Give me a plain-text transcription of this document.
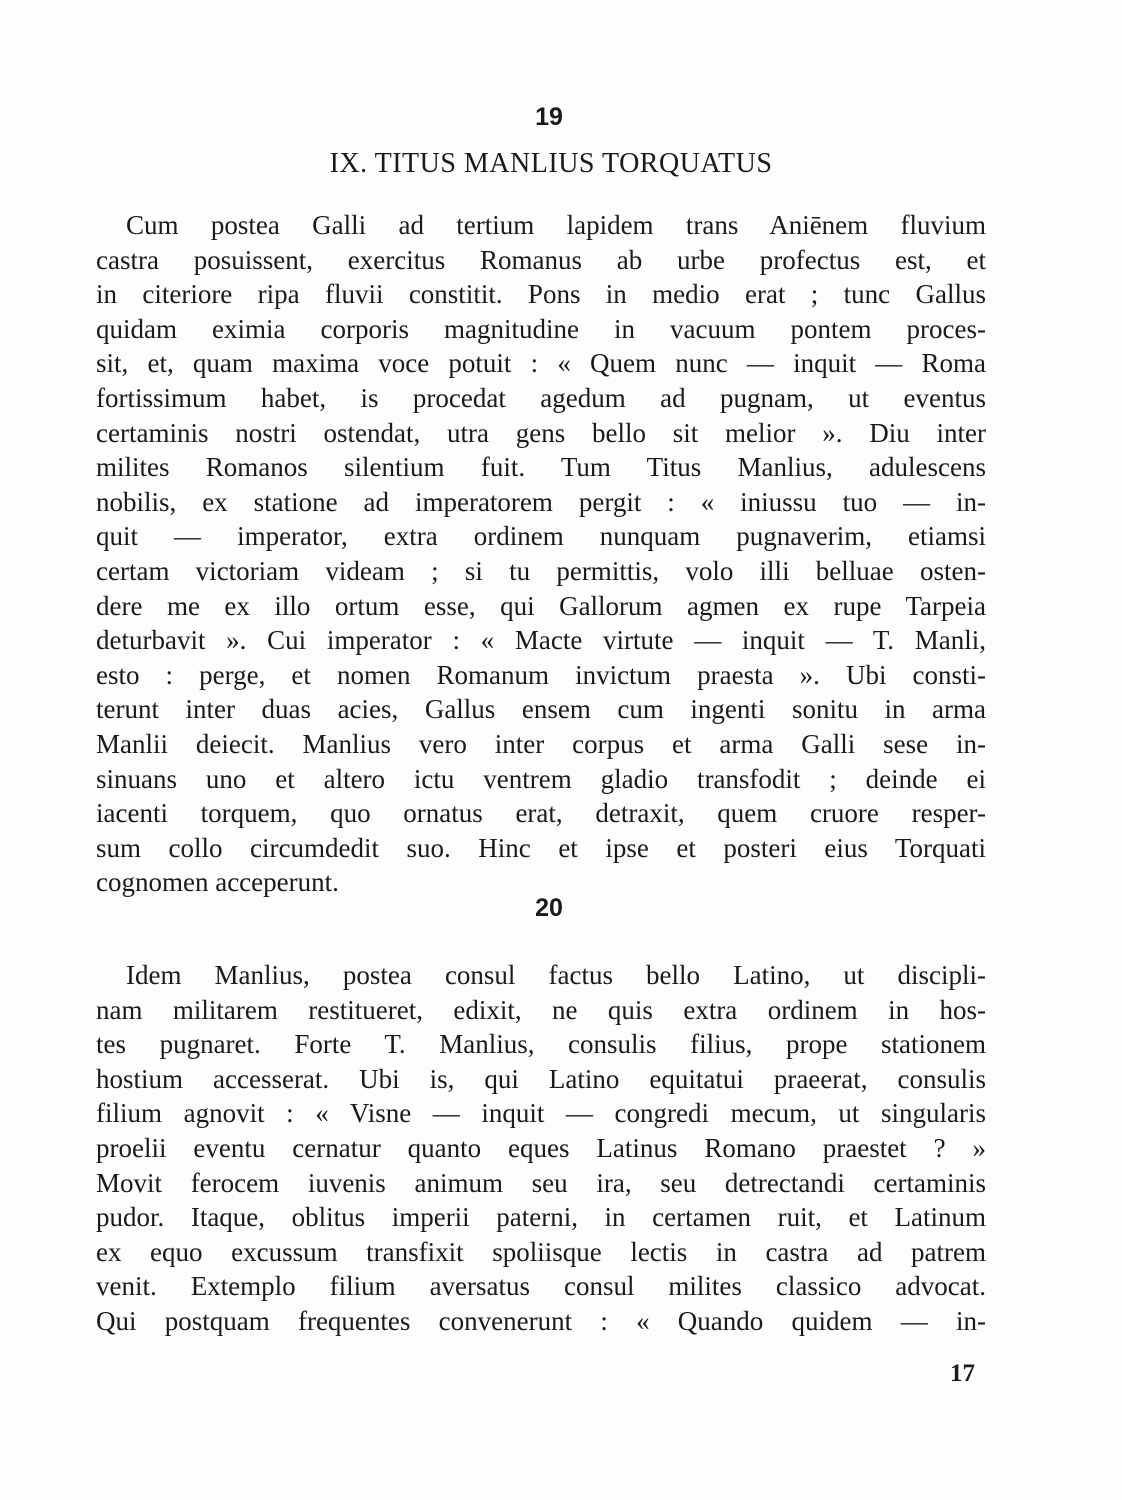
19
IX. TITUS MANLIUS TORQUATUS
Cum postea Galli ad tertium lapidem trans Aniēnem fluvium
castra posuissent, exercitus Romanus ab urbe profectus est, et
in citeriore ripa fluvii constitit. Pons in medio erat ; tunc Gallus
quidam eximia corporis magnitudine in vacuum pontem proces-
sit, et, quam maxima voce potuit : « Quem nunc — inquit — Roma
fortissimum habet, is procedat agedum ad pugnam, ut eventus
certaminis nostri ostendat, utra gens bello sit melior ». Diu inter
milites Romanos silentium fuit. Tum Titus Manlius, adulescens
nobilis, ex statione ad imperatorem pergit : « iniussu tuo — in-
quit — imperator, extra ordinem nunquam pugnaverim, etiamsi
certam victoriam videam ; si tu permittis, volo illi belluae osten-
dere me ex illo ortum esse, qui Gallorum agmen ex rupe Tarpeia
deturbavit ». Cui imperator : « Macte virtute — inquit — T. Manli,
esto : perge, et nomen Romanum invictum praesta ». Ubi consti-
terunt inter duas acies, Gallus ensem cum ingenti sonitu in arma
Manlii deiecit. Manlius vero inter corpus et arma Galli sese in-
sinuans uno et altero ictu ventrem gladio transfodit ; deinde ei
iacenti torquem, quo ornatus erat, detraxit, quem cruore resper-
sum collo circumdedit suo. Hinc et ipse et posteri eius Torquati
cognomen acceperunt.
20
Idem Manlius, postea consul factus bello Latino, ut discipli-
nam militarem restitueret, edixit, ne quis extra ordinem in hos-
tes pugnaret. Forte T. Manlius, consulis filius, prope stationem
hostium accesserat. Ubi is, qui Latino equitatui praeerat, consulis
filium agnovit : « Visne — inquit — congredi mecum, ut singularis
proelii eventu cernatur quanto eques Latinus Romano praestet ? »
Movit ferocem iuvenis animum seu ira, seu detrectandi certaminis
pudor. Itaque, oblitus imperii paterni, in certamen ruit, et Latinum
ex equo excussum transfixit spoliisque lectis in castra ad patrem
venit. Extemplo filium aversatus consul milites classico advocat.
Qui postquam frequentes convenerunt : « Quando quidem — in-
17
